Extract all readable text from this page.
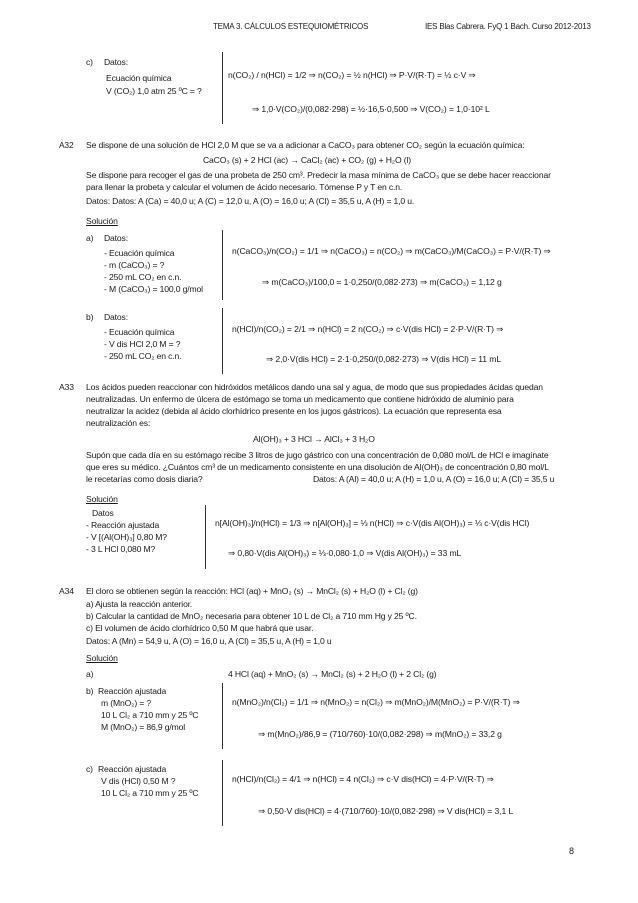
TEMA 3. CÁLCULOS ESTEQUIOMÉTRICOS	IES Blas Cabrera. FyQ 1 Bach. Curso 2012-2013
c) Datos:
Ecuación química
V (CO₂) 1,0 atm 25 ºC = ?
n(CO₂) / n(HCl) = 1/2 ⇒ n(CO₂) = ½ n(HCl) ⇒ P·V/(R·T) = ½ c·V ⇒
⇒ 1,0·V(CO₂)/(0,082·298) = ½·16,5·0,500 ⇒ V(CO₂) = 1,0·10² L
A32 Se dispone de una solución de HCl 2,0 M que se va a adicionar a CaCO₃ para obtener CO₂ según la ecuación química:
CaCO₃ (s) + 2 HCl (ac) → CaCl₂ (ac) + CO₂ (g) + H₂O (l)
Se dispone para recoger el gas de una probeta de 250 cm³. Predecir la masa mínima de CaCO₃ que se debe hacer reaccionar
para llenar la probeta y calcular el volumen de ácido necesario. Tómense P y T en c.n.
Datos: Datos: A (Ca) = 40,0 u; A (C) = 12,0 u, A (O) = 16,0 u; A (Cl) = 35,5 u, A (H) = 1,0 u.
Solución
a) Datos:
- Ecuación química
- m (CaCO₃) = ?
- 250 mL CO₂ en c.n.
- M (CaCO₃) = 100,0 g/mol
n(CaCO₃)/n(CO₂) = 1/1 ⇒ n(CaCO₃) = n(CO₂) ⇒ m(CaCO₃)/M(CaCO₃) = P·V/(R·T) ⇒
⇒ m(CaCO₃)/100,0 = 1·0,250/(0,082·273) ⇒ m(CaCO₃) = 1,12 g
b) Datos:
- Ecuación química
- V dis HCl 2,0 M = ?
- 250 mL CO₂ en c.n.
n(HCl)/n(CO₂) = 2/1 ⇒ n(HCl) = 2 n(CO₂) ⇒ c·V(dis HCl) = 2·P·V/(R·T) ⇒
⇒ 2,0·V(dis HCl) = 2·1·0,250/(0,082·273) ⇒ V(dis HCl) = 11 mL
A33 Los ácidos pueden reaccionar con hidróxidos metálicos dando una sal y agua, de modo que sus propiedades ácidas quedan
neutralizadas. Un enfermo de úlcera de estómago se toma un medicamento que contiene hidróxido de aluminio para
neutralizar la acidez (debida al ácido clorhídrico presente en los jugos gástricos). La ecuación que representa esa
neutralización es:
Al(OH)₃ + 3 HCl → AlCl₃ + 3 H₂O
Supón que cada día en su estómago recibe 3 litros de jugo gástrico con una concentración de 0,080 mol/L de HCl e imagínate
que eres su médico. ¿Cuántos cm³ de un medicamento consistente en una disolución de Al(OH)₃ de concentración 0,80 mol/L
le recetarías como dosis diaria?	Datos: A (Al) = 40,0 u; A (H) = 1,0 u, A (O) = 16,0 u; A (Cl) = 35,5 u
Solución
Datos
- Reacción ajustada
- V [(Al(OH)₃] 0,80 M?
- 3 L HCl 0,080 M?
n[Al(OH)₃]/n(HCl) = 1/3 ⇒ n[Al(OH)₃] = ⅓ n(HCl) ⇒ c·V(dis Al(OH)₃) = ⅓ c·V(dis HCl)
⇒ 0,80·V(dis Al(OH)₃) = ⅓·0,080·1,0 ⇒ V(dis Al(OH)₃) = 33 mL
A34 El cloro se obtienen según la reacción: HCl (aq) + MnO₂ (s) → MnCl₂ (s) + H₂O (l) + Cl₂ (g)
a) Ajusta la reacción anterior.
b) Calcular la cantidad de MnO₂ necesaria para obtener 10 L de Cl₂ a 710 mm Hg y 25 ºC.
c) El volumen de ácido clorhídrico 0,50 M que habrá que usar.
Datos: A (Mn) = 54,9 u, A (O) = 16,0 u, A (Cl) = 35,5 u, A (H) = 1,0 u
Solución
a)	4 HCl (aq) + MnO₂ (s) → MnCl₂ (s) + 2 H₂O (l) + 2 Cl₂ (g)
b) Reacción ajustada
m (MnO₂) = ?
10 L Cl₂ a 710 mm y 25 ºC
M (MnO₂) = 86,9 g/mol
n(MnO₂)/n(Cl₂) = 1/1 ⇒ n(MnO₂) = n(Cl₂) ⇒ m(MnO₂)/M(MnO₂) = P·V/(R·T) ⇒
⇒ m(MnO₂)/86,9 = (710/760)·10/(0,082·298) ⇒ m(MnO₂) = 33,2 g
c) Reacción ajustada
V dis (HCl) 0,50 M ?
10 L Cl₂ a 710 mm y 25 ºC
n(HCl)/n(Cl₂) = 4/1 ⇒ n(HCl) = 4 n(Cl₂) ⇒ c·V dis(HCl) = 4·P·V/(R·T) ⇒
⇒ 0,50·V dis(HCl) = 4·(710/760)·10/(0,082·298) ⇒ V dis(HCl) = 3,1 L
8
